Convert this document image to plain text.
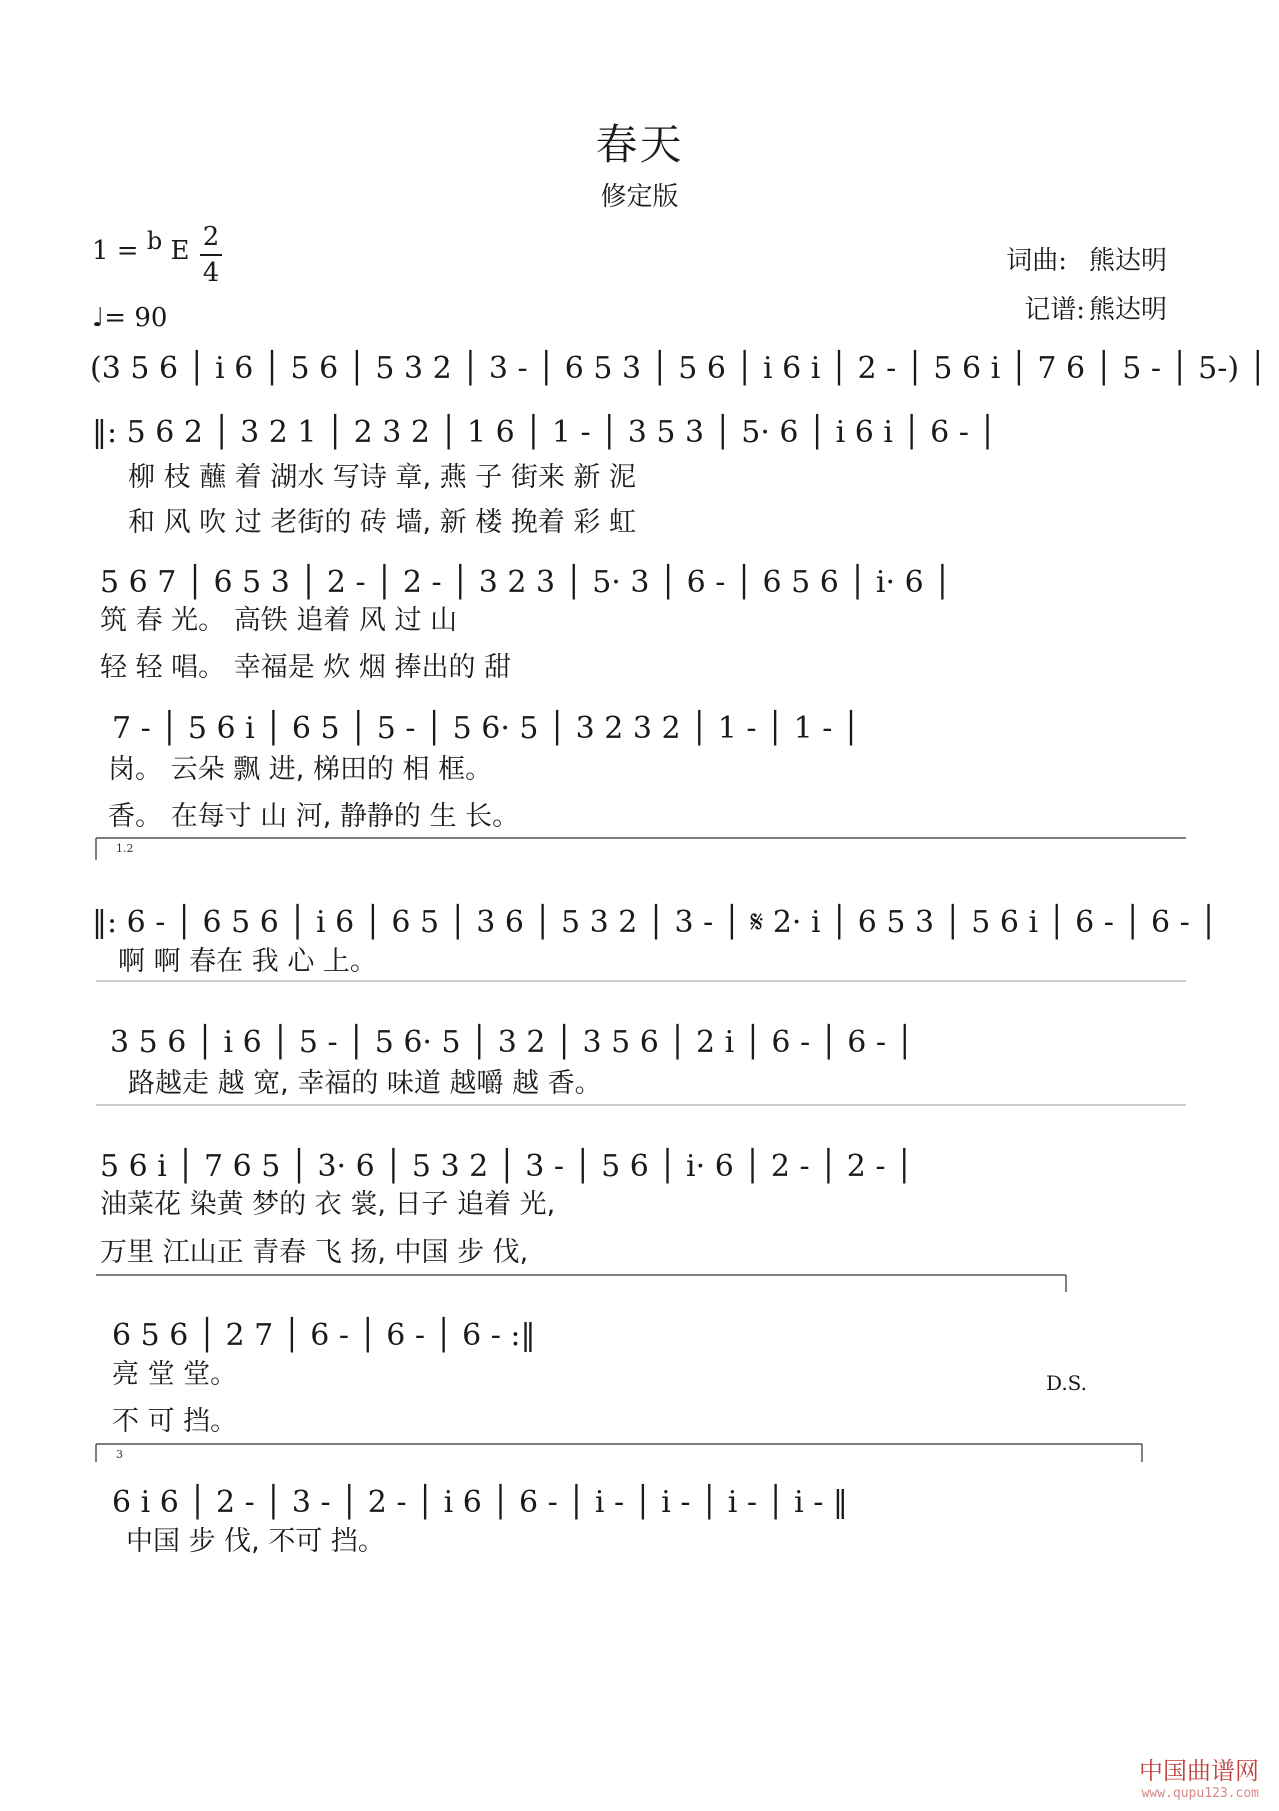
春天
修定版
1 = b E 2
4
♩= 90
词曲: 熊达明
记谱: 熊达明
(3 5 6 │ i 6 │ 5 6 │ 5 3 2 │ 3 - │ 6 5 3 │ 5 6 │ i 6 i │ 2 - │ 5 6 i │ 7 6 │ 5 - │ 5-) │
‖: 5 6 2 │ 3 2 1 │ 2 3 2 │ 1 6 │ 1 - │ 3 5 3 │ 5· 6 │ i 6 i │ 6 - │
柳 枝 蘸 着 湖水 写诗 章, 燕 子 街来 新 泥
和 风 吹 过 老街的 砖 墙, 新 楼 挽着 彩 虹
5 6 7 │ 6 5 3 │ 2 - │ 2 - │ 3 2 3 │ 5· 3 │ 6 - │ 6 5 6 │ i· 6 │
筑 春 光。 高铁 追着 风 过 山
轻 轻 唱。 幸福是 炊 烟 捧出的 甜
7 - │ 5 6 i │ 6 5 │ 5 - │ 5 6· 5 │ 3 2 3 2 │ 1 - │ 1 - │
岗。 云朵 飘 进, 梯田的 相 框。
香。 在每寸 山 河, 静静的 生 长。
1.2
‖: 6 - │ 6 5 6 │ i 6 │ 6 5 │ 3 6 │ 5 3 2 │ 3 - │ 𝄋 2· i │ 6 5 3 │ 5 6 i │ 6 - │ 6 - │
啊 啊 春在 我 心 上。
3 5 6 │ i 6 │ 5 - │ 5 6· 5 │ 3 2 │ 3 5 6 │ 2 i │ 6 - │ 6 - │
路越走 越 宽, 幸福的 味道 越嚼 越 香。
5 6 i │ 7 6 5 │ 3· 6 │ 5 3 2 │ 3 - │ 5 6 │ i· 6 │ 2 - │ 2 - │
油菜花 染黄 梦的 衣 裳, 日子 追着 光,
万里 江山正 青春 飞 扬, 中国 步 伐,
6 5 6 │ 2 7 │ 6 - │ 6 - │ 6 - :‖
亮 堂 堂。
不 可 挡。
D.S.
3
6 i 6 │ 2 - │ 3 - │ 2 - │ i 6 │ 6 - │ i - │ i - │ i - │ i - ‖
中国 步 伐, 不可 挡。
中国曲谱网
www.qupu123.com
